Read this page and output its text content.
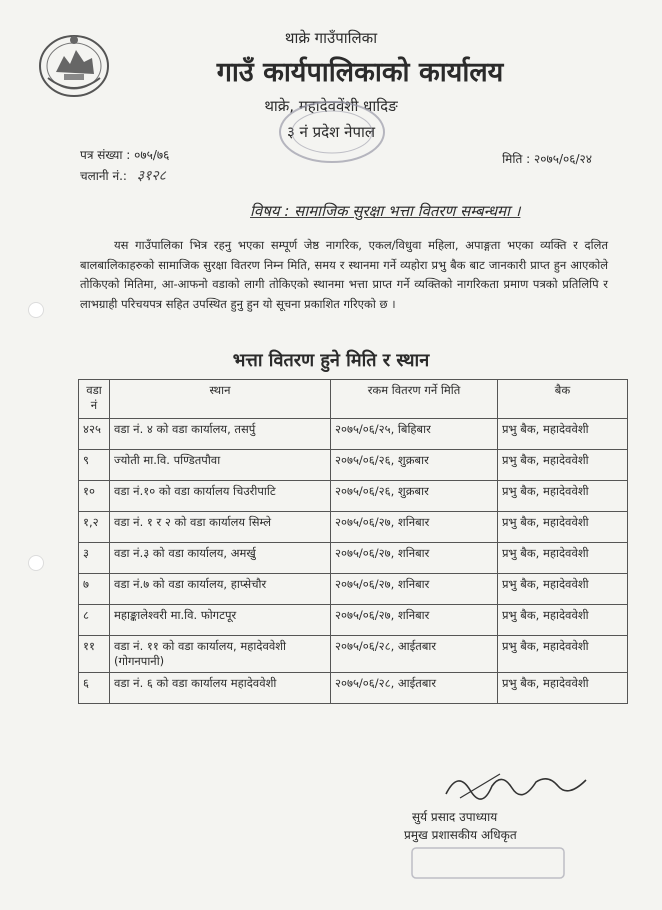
थाक्रे गाउँपालिका
गाउँ कार्यपालिकाको कार्यालय
थाक्रे, महादेववेंशी धादिङ
३ नं प्रदेश नेपाल
पत्र संख्या : ०७५/७६
चलानी नं.: ३१२८
मिति : २०७५/०६/२४
विषय : सामाजिक सुरक्षा भत्ता वितरण सम्बन्धमा ।
यस गाउँपालिका भित्र रहनु भएका सम्पूर्ण जेष्ठ नागरिक, एकल/विधुवा महिला, अपाङ्गता भएका व्यक्ति र दलित बालबालिकाहरुको सामाजिक सुरक्षा वितरण निम्न मिति, समय र स्थानमा गर्ने व्यहोरा प्रभु बैक बाट जानकारी प्राप्त हुन आएकोले तोकिएको मितिमा, आ-आफनो वडाको लागी तोकिएको स्थानमा भत्ता प्राप्त गर्ने व्यक्तिको नागरिकता प्रमाण पत्रको प्रतिलिपि र लाभग्राही परिचयपत्र सहित उपस्थित हुनु हुन यो सूचना प्रकाशित गरिएको छ ।
भत्ता वितरण हुने मिति र स्थान
वडा नं	स्थान	रकम वितरण गर्ने मिति	बैक
४२५	वडा नं. ४ को वडा कार्यालय, तसर्पु	२०७५/०६/२५, बिहिबार	प्रभु बैक, महादेववेशी
९	ज्योती मा.वि. पण्डितपौवा	२०७५/०६/२६, शुक्रबार	प्रभु बैक, महादेववेशी
१०	वडा नं.१० को वडा कार्यालय चिउरीपाटि	२०७५/०६/२६, शुक्रबार	प्रभु बैक, महादेववेशी
१,२	वडा नं. १ र २ को वडा कार्यालय सिम्ले	२०७५/०६/२७, शनिबार	प्रभु बैक, महादेववेशी
३	वडा नं.३ को वडा कार्यालय, अमर्खु	२०७५/०६/२७, शनिबार	प्रभु बैक, महादेववेशी
७	वडा नं.७ को वडा कार्यालय, हाप्सेचौर	२०७५/०६/२७, शनिबार	प्रभु बैक, महादेववेशी
८	महाङ्कालेश्वरी मा.वि. फोगटपूर	२०७५/०६/२७, शनिबार	प्रभु बैक, महादेववेशी
११	वडा नं. ११ को वडा कार्यालय, महादेववेशी (गोगनपानी)	२०७५/०६/२८, आईतबार	प्रभु बैक, महादेववेशी
६	वडा नं. ६ को वडा कार्यालय महादेववेशी	२०७५/०६/२८, आईतबार	प्रभु बैक, महादेववेशी
सुर्य प्रसाद उपाध्याय
प्रमुख प्रशासकीय अधिकृत
